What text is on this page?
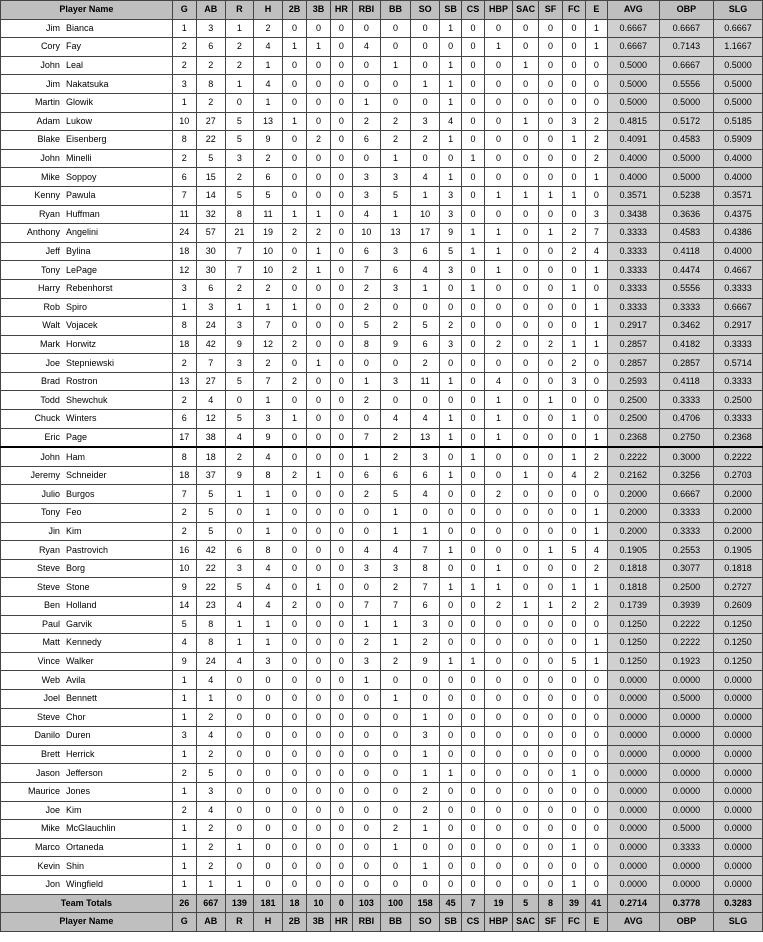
Player Name		G	AB	R	H	2B	3B	HR	RBI	BB	SO	SB	CS	HBP	SAC	SF	FC	E	AVG	OBP	SLG
Jim	Bianca	1	3	1	2	0	0	0	0	0	0	1	0	0	0	0	0	1	0.6667	0.6667	0.6667
Cory	Fay	2	6	2	4	1	1	0	4	0	0	0	0	1	0	0	0	1	0.6667	0.7143	1.1667
John	Leal	2	2	2	1	0	0	0	0	1	0	1	0	0	1	0	0	0	0.5000	0.6667	0.5000
Jim	Nakatsuka	3	8	1	4	0	0	0	0	0	1	1	0	0	0	0	0	0	0.5000	0.5556	0.5000
Martin	Glowik	1	2	0	1	0	0	0	1	0	0	1	0	0	0	0	0	0	0.5000	0.5000	0.5000
Adam	Lukow	10	27	5	13	1	0	0	2	2	3	4	0	0	1	0	3	2	0.4815	0.5172	0.5185
Blake	Eisenberg	8	22	5	9	0	2	0	6	2	2	1	0	0	0	0	1	2	0.4091	0.4583	0.5909
John	Minelli	2	5	3	2	0	0	0	0	1	0	0	1	0	0	0	0	2	0.4000	0.5000	0.4000
Mike	Soppoy	6	15	2	6	0	0	0	3	3	4	1	0	0	0	0	0	1	0.4000	0.5000	0.4000
Kenny	Pawula	7	14	5	5	0	0	0	3	5	1	3	0	1	1	1	1	0	0.3571	0.5238	0.3571
Ryan	Huffman	11	32	8	11	1	1	0	4	1	10	3	0	0	0	0	0	3	0.3438	0.3636	0.4375
Anthony	Angelini	24	57	21	19	2	2	0	10	13	17	9	1	1	0	1	2	7	0.3333	0.4583	0.4386
Jeff	Bylina	18	30	7	10	0	1	0	6	3	6	5	1	1	0	0	2	4	0.3333	0.4118	0.4000
Tony	LePage	12	30	7	10	2	1	0	7	6	4	3	0	1	0	0	0	1	0.3333	0.4474	0.4667
Harry	Rebenhorst	3	6	2	2	0	0	0	2	3	1	0	1	0	0	0	1	0	0.3333	0.5556	0.3333
Rob	Spiro	1	3	1	1	1	0	0	2	0	0	0	0	0	0	0	0	1	0.3333	0.3333	0.6667
Walt	Vojacek	8	24	3	7	0	0	0	5	2	5	2	0	0	0	0	0	1	0.2917	0.3462	0.2917
Mark	Horwitz	18	42	9	12	2	0	0	8	9	6	3	0	2	0	2	1	1	0.2857	0.4182	0.3333
Joe	Stepniewski	2	7	3	2	0	1	0	0	0	2	0	0	0	0	0	2	0	0.2857	0.2857	0.5714
Brad	Rostron	13	27	5	7	2	0	0	1	3	11	1	0	4	0	0	3	0	0.2593	0.4118	0.3333
Todd	Shewchuk	2	4	0	1	0	0	0	2	0	0	0	0	1	0	1	0	0	0.2500	0.3333	0.2500
Chuck	Winters	6	12	5	3	1	0	0	0	4	4	1	0	1	0	0	1	0	0.2500	0.4706	0.3333
Eric	Page	17	38	4	9	0	0	0	7	2	13	1	0	1	0	0	0	1	0.2368	0.2750	0.2368
John	Ham	8	18	2	4	0	0	0	1	2	3	0	1	0	0	0	1	2	0.2222	0.3000	0.2222
Jeremy	Schneider	18	37	9	8	2	1	0	6	6	6	1	0	0	1	0	4	2	0.2162	0.3256	0.2703
Julio	Burgos	7	5	1	1	0	0	0	2	5	4	0	0	2	0	0	0	0	0.2000	0.6667	0.2000
Tony	Feo	2	5	0	1	0	0	0	0	1	0	0	0	0	0	0	0	1	0.2000	0.3333	0.2000
Jin	Kim	2	5	0	1	0	0	0	0	1	1	0	0	0	0	0	0	1	0.2000	0.3333	0.2000
Ryan	Pastrovich	16	42	6	8	0	0	0	4	4	7	1	0	0	0	1	5	4	0.1905	0.2553	0.1905
Steve	Borg	10	22	3	4	0	0	0	3	3	8	0	0	1	0	0	0	2	0.1818	0.3077	0.1818
Steve	Stone	9	22	5	4	0	1	0	0	2	7	1	1	1	0	0	1	1	0.1818	0.2500	0.2727
Ben	Holland	14	23	4	4	2	0	0	7	7	6	0	0	2	1	1	2	2	0.1739	0.3939	0.2609
Paul	Garvik	5	8	1	1	0	0	0	1	1	3	0	0	0	0	0	0	0	0.1250	0.2222	0.1250
Matt	Kennedy	4	8	1	1	0	0	0	2	1	2	0	0	0	0	0	0	1	0.1250	0.2222	0.1250
Vince	Walker	9	24	4	3	0	0	0	3	2	9	1	1	0	0	0	5	1	0.1250	0.1923	0.1250
Web	Avila	1	4	0	0	0	0	0	1	0	0	0	0	0	0	0	0	0	0.0000	0.0000	0.0000
Joel	Bennett	1	1	0	0	0	0	0	0	1	0	0	0	0	0	0	0	0	0.0000	0.5000	0.0000
Steve	Chor	1	2	0	0	0	0	0	0	0	1	0	0	0	0	0	0	0	0.0000	0.0000	0.0000
Danilo	Duren	3	4	0	0	0	0	0	0	0	3	0	0	0	0	0	0	0	0.0000	0.0000	0.0000
Brett	Herrick	1	2	0	0	0	0	0	0	0	1	0	0	0	0	0	0	0	0.0000	0.0000	0.0000
Jason	Jefferson	2	5	0	0	0	0	0	0	0	1	1	0	0	0	0	1	0	0.0000	0.0000	0.0000
Maurice	Jones	1	3	0	0	0	0	0	0	0	2	0	0	0	0	0	0	0	0.0000	0.0000	0.0000
Joe	Kim	2	4	0	0	0	0	0	0	0	2	0	0	0	0	0	0	0	0.0000	0.0000	0.0000
Mike	McGlauchlin	1	2	0	0	0	0	0	0	2	1	0	0	0	0	0	0	0	0.0000	0.5000	0.0000
Marco	Ortaneda	1	2	1	0	0	0	0	0	1	0	0	0	0	0	0	1	0	0.0000	0.3333	0.0000
Kevin	Shin	1	2	0	0	0	0	0	0	0	1	0	0	0	0	0	0	0	0.0000	0.0000	0.0000
Jon	Wingfield	1	1	1	0	0	0	0	0	0	0	0	0	0	0	0	1	0	0.0000	0.0000	0.0000
Team Totals		26	667	139	181	18	10	0	103	100	158	45	7	19	5	8	39	41	0.2714	0.3778	0.3283
Player Name		G	AB	R	H	2B	3B	HR	RBI	BB	SO	SB	CS	HBP	SAC	SF	FC	E	AVG	OBP	SLG
